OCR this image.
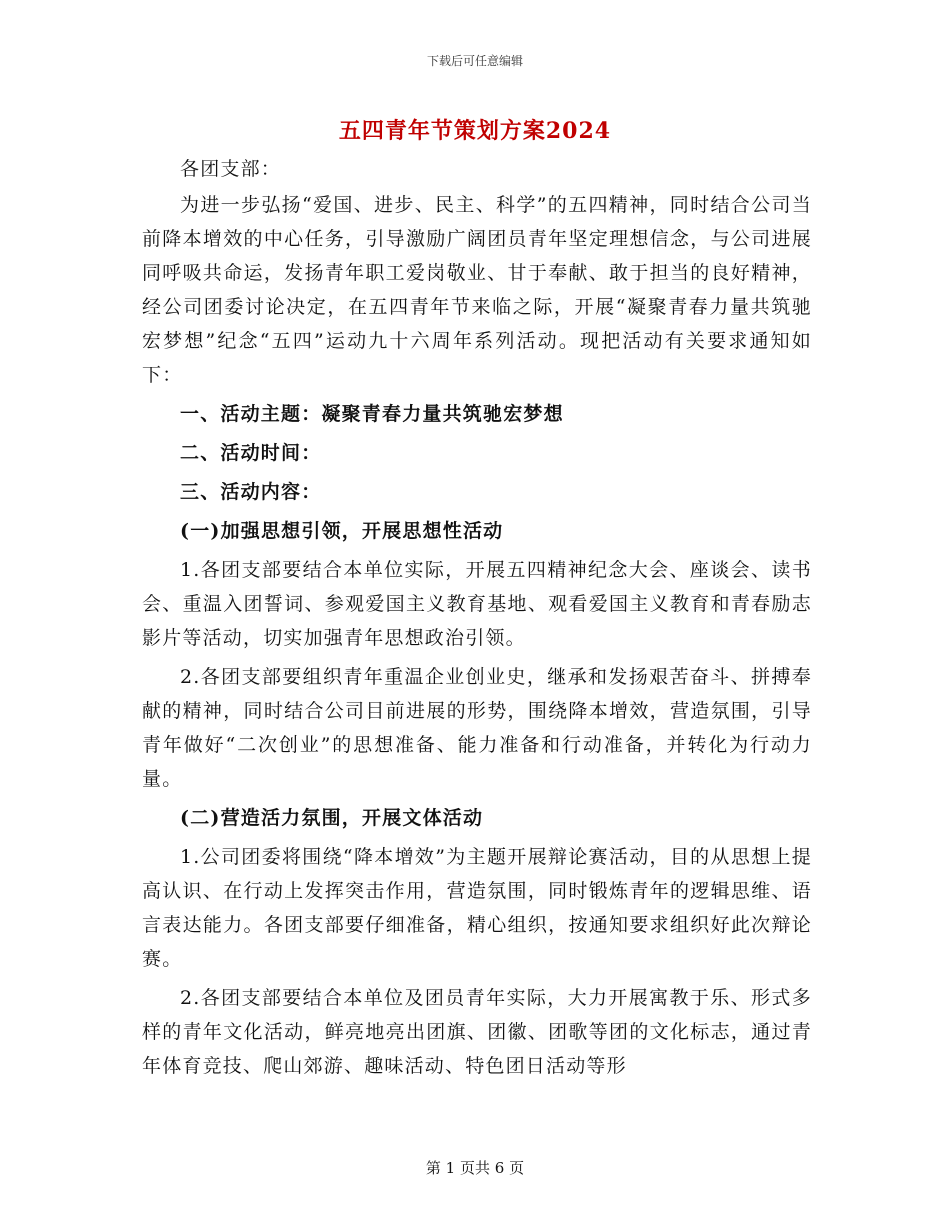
下载后可任意编辑
五四青年节策划方案2024

各团支部：

为进一步弘扬“爱国、进步、民主、科学”的五四精神，同时结合公司当前降本增效的中心任务，引导激励广阔团员青年坚定理想信念，与公司进展同呼吸共命运，发扬青年职工爱岗敬业、甘于奉献、敢于担当的良好精神，经公司团委讨论决定，在五四青年节来临之际，开展“凝聚青春力量共筑驰宏梦想”纪念“五四”运动九十六周年系列活动。现把活动有关要求通知如下：

一、活动主题：凝聚青春力量共筑驰宏梦想

二、活动时间：

三、活动内容：

(一)加强思想引领，开展思想性活动

1.各团支部要结合本单位实际，开展五四精神纪念大会、座谈会、读书会、重温入团誓词、参观爱国主义教育基地、观看爱国主义教育和青春励志影片等活动，切实加强青年思想政治引领。

2.各团支部要组织青年重温企业创业史，继承和发扬艰苦奋斗、拼搏奉献的精神，同时结合公司目前进展的形势，围绕降本增效，营造氛围，引导青年做好“二次创业”的思想准备、能力准备和行动准备，并转化为行动力量。

(二)营造活力氛围，开展文体活动

1.公司团委将围绕“降本增效”为主题开展辩论赛活动，目的从思想上提高认识、在行动上发挥突击作用，营造氛围，同时锻炼青年的逻辑思维、语言表达能力。各团支部要仔细准备，精心组织，按通知要求组织好此次辩论赛。

2.各团支部要结合本单位及团员青年实际，大力开展寓教于乐、形式多样的青年文化活动，鲜亮地亮出团旗、团徽、团歌等团的文化标志，通过青年体育竞技、爬山郊游、趣味活动、特色团日活动等形

第 1 页共 6 页
